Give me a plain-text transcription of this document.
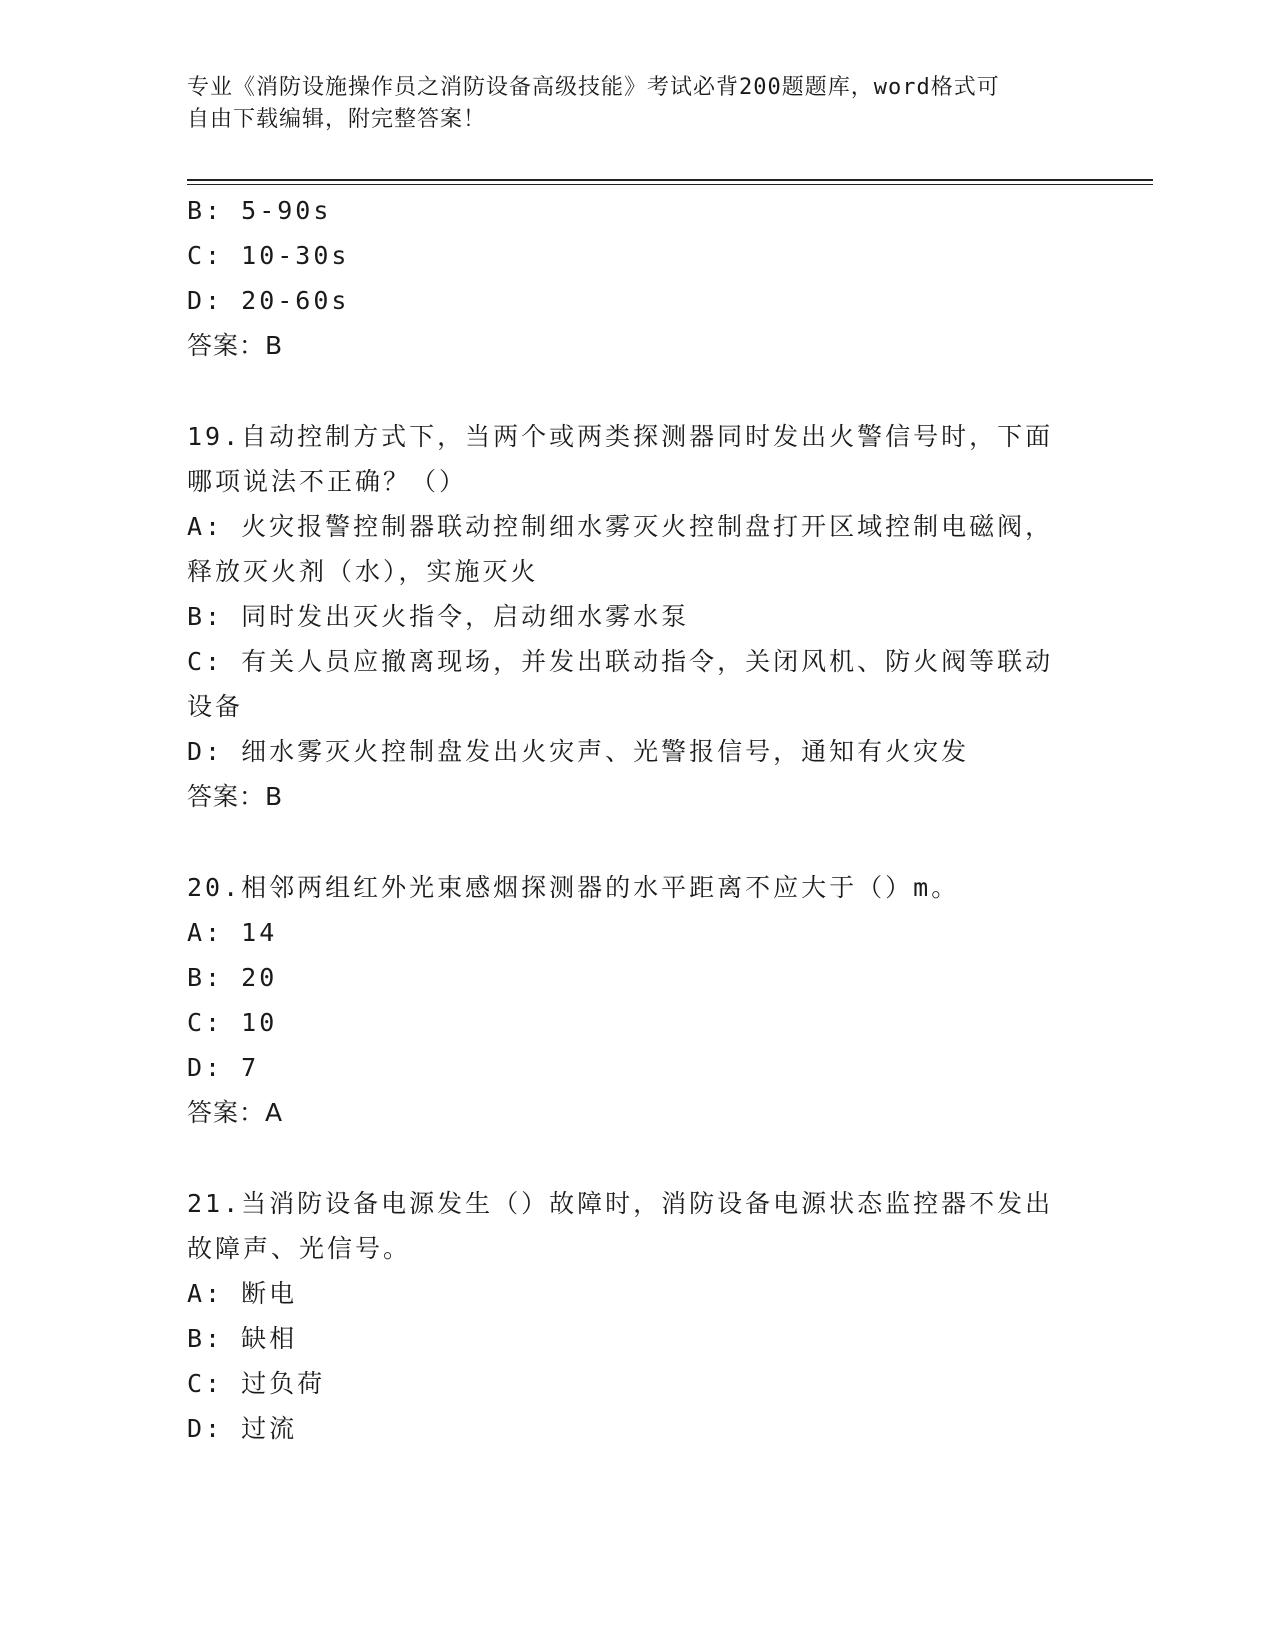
专业《消防设施操作员之消防设备高级技能》考试必背200题题库，word格式可
自由下载编辑，附完整答案！

B: 5-90s

C: 10-30s

D: 20-60s

答案：B

19.自动控制方式下，当两个或两类探测器同时发出火警信号时，下面

哪项说法不正确？（）

A: 火灾报警控制器联动控制细水雾灭火控制盘打开区域控制电磁阀，

释放灭火剂（水），实施灭火

B: 同时发出灭火指令，启动细水雾水泵

C: 有关人员应撤离现场，并发出联动指令，关闭风机、防火阀等联动

设备

D: 细水雾灭火控制盘发出火灾声、光警报信号，通知有火灾发

答案：B

20.相邻两组红外光束感烟探测器的水平距离不应大于（）m。

A: 14

B: 20

C: 10

D: 7

答案：A

21.当消防设备电源发生（）故障时，消防设备电源状态监控器不发出

故障声、光信号。

A: 断电

B: 缺相

C: 过负荷

D: 过流
